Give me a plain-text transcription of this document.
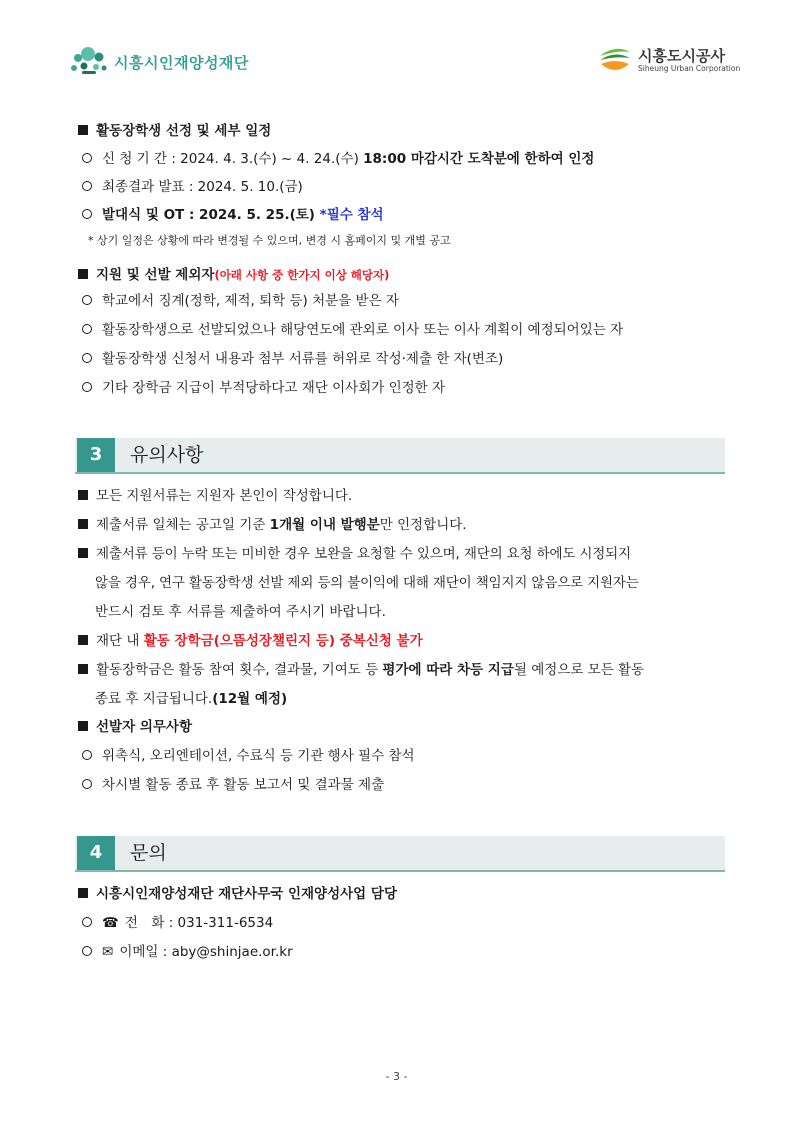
시흥시인재양성재단	시흥도시공사
Siheung Urban Corporation
활동장학생 선정 및 세부 일정
신 청 기 간 : 2024. 4. 3.(수) ~ 4. 24.(수) 18:00 마감시간 도착분에 한하여 인정
최종결과 발표 : 2024. 5. 10.(금)
발대식 및 OT : 2024. 5. 25.(토) *필수 참석
* 상기 일정은 상황에 따라 변경될 수 있으며, 변경 시 홈페이지 및 개별 공고
지원 및 선발 제외자(아래 사항 중 한가지 이상 해당자)
학교에서 징계(정학, 제적, 퇴학 등) 처분을 받은 자
활동장학생으로 선발되었으나 해당연도에 관외로 이사 또는 이사 계획이 예정되어있는 자
활동장학생 신청서 내용과 첨부 서류를 허위로 작성·제출 한 자(변조)
기타 장학금 지급이 부적당하다고 재단 이사회가 인정한 자
3	유의사항
모든 지원서류는 지원자 본인이 작성합니다.
제출서류 일체는 공고일 기준 1개월 이내 발행분만 인정합니다.
제출서류 등이 누락 또는 미비한 경우 보완을 요청할 수 있으며, 재단의 요청 하에도 시정되지
않을 경우, 연구 활동장학생 선발 제외 등의 불이익에 대해 재단이 책임지지 않음으로 지원자는
반드시 검토 후 서류를 제출하여 주시기 바랍니다.
재단 내 활동 장학금(으뜸성장챌린지 등) 중복신청 불가
활동장학금은 활동 참여 횟수, 결과물, 기여도 등 평가에 따라 차등 지급될 예정으로 모든 활동
종료 후 지급됩니다.(12월 예정)
선발자 의무사항
위촉식, 오리엔테이션, 수료식 등 기관 행사 필수 참석
차시별 활동 종료 후 활동 보고서 및 결과물 제출
4	문의
시흥시인재양성재단 재단사무국 인재양성사업 담당
☎ 전　화 : 031-311-6534
✉ 이메일 : aby@shinjae.or.kr
- 3 -
